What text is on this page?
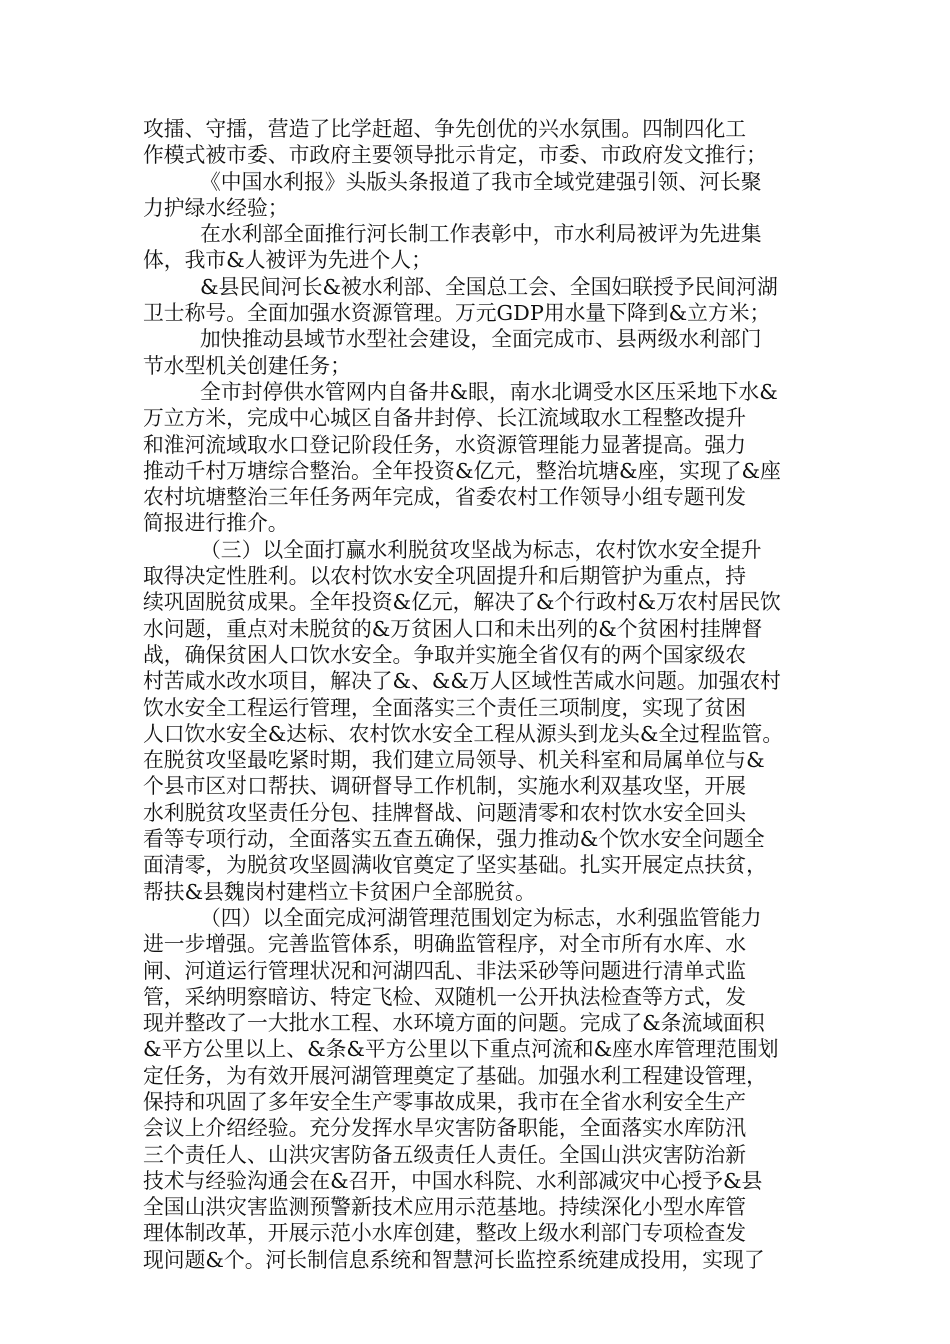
攻擂、守擂，营造了比学赶超、争先创优的兴水氛围。四制四化工
作模式被市委、市政府主要领导批示肯定，市委、市政府发文推行；
《中国水利报》头版头条报道了我市全域党建强引领、河长聚
力护绿水经验；
在水利部全面推行河长制工作表彰中，市水利局被评为先进集
体，我市&人被评为先进个人；
&县民间河长&被水利部、全国总工会、全国妇联授予民间河湖
卫士称号。全面加强水资源管理。万元GDP用水量下降到&立方米；
加快推动县域节水型社会建设，全面完成市、县两级水利部门
节水型机关创建任务；
全市封停供水管网内自备井&眼，南水北调受水区压采地下水&
万立方米，完成中心城区自备井封停、长江流域取水工程整改提升
和淮河流域取水口登记阶段任务，水资源管理能力显著提高。强力
推动千村万塘综合整治。全年投资&亿元，整治坑塘&座，实现了&座
农村坑塘整治三年任务两年完成，省委农村工作领导小组专题刊发
简报进行推介。
（三）以全面打赢水利脱贫攻坚战为标志，农村饮水安全提升
取得决定性胜利。以农村饮水安全巩固提升和后期管护为重点，持
续巩固脱贫成果。全年投资&亿元，解决了&个行政村&万农村居民饮
水问题，重点对未脱贫的&万贫困人口和未出列的&个贫困村挂牌督
战，确保贫困人口饮水安全。争取并实施全省仅有的两个国家级农
村苦咸水改水项目，解决了&、&&万人区域性苦咸水问题。加强农村
饮水安全工程运行管理，全面落实三个责任三项制度，实现了贫困
人口饮水安全&达标、农村饮水安全工程从源头到龙头&全过程监管。
在脱贫攻坚最吃紧时期，我们建立局领导、机关科室和局属单位与&
个县市区对口帮扶、调研督导工作机制，实施水利双基攻坚，开展
水利脱贫攻坚责任分包、挂牌督战、问题清零和农村饮水安全回头
看等专项行动，全面落实五查五确保，强力推动&个饮水安全问题全
面清零，为脱贫攻坚圆满收官奠定了坚实基础。扎实开展定点扶贫，
帮扶&县魏岗村建档立卡贫困户全部脱贫。
（四）以全面完成河湖管理范围划定为标志，水利强监管能力
进一步增强。完善监管体系，明确监管程序，对全市所有水库、水
闸、河道运行管理状况和河湖四乱、非法采砂等问题进行清单式监
管，采纳明察暗访、特定飞检、双随机一公开执法检查等方式，发
现并整改了一大批水工程、水环境方面的问题。完成了&条流域面积
&平方公里以上、&条&平方公里以下重点河流和&座水库管理范围划
定任务，为有效开展河湖管理奠定了基础。加强水利工程建设管理，
保持和巩固了多年安全生产零事故成果，我市在全省水利安全生产
会议上介绍经验。充分发挥水旱灾害防备职能，全面落实水库防汛
三个责任人、山洪灾害防备五级责任人责任。全国山洪灾害防治新
技术与经验沟通会在&召开，中国水科院、水利部减灾中心授予&县
全国山洪灾害监测预警新技术应用示范基地。持续深化小型水库管
理体制改革，开展示范小水库创建，整改上级水利部门专项检查发
现问题&个。河长制信息系统和智慧河长监控系统建成投用，实现了
